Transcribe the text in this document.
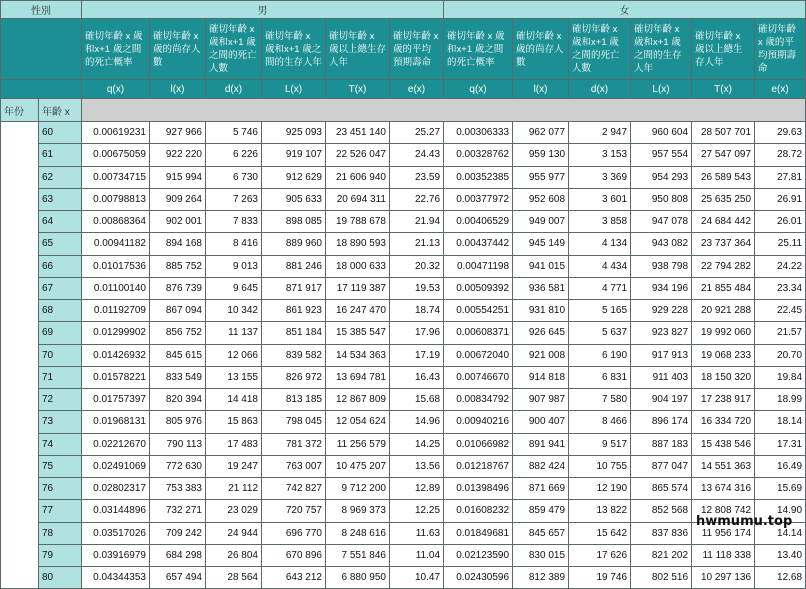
性別		男						女					
		確切年齡 x 歲和x+1 歲之間的死亡概率	確切年齡 x 歲的尚存人數	確切年齡 x 歲和x+1 歲之間的死亡人數	確切年齡 x 歲和x+1 歲之間的生存人年	確切年齡 x 歲以上總生存人年	確切年齡 x 歲的平均預期壽命	確切年齡 x 歲和x+1 歲之間的死亡概率	確切年齡 x 歲的尚存人數	確切年齡 x 歲和x+1 歲之間的死亡人數	確切年齡 x 歲和x+1 歲之間的生存人年	確切年齡 x 歲以上總生存人年	確切年齡 x 歲的平均預期壽命
		q(x)	l(x)	d(x)	L(x)	T(x)	e(x)	q(x)	l(x)	d(x)	L(x)	T(x)	e(x)
年份	年齡 x												
	60	0.00619231	927 966	5 746	925 093	23 451 140	25.27	0.00306333	962 077	2 947	960 604	28 507 701	29.63
	61	0.00675059	922 220	6 226	919 107	22 526 047	24.43	0.00328762	959 130	3 153	957 554	27 547 097	28.72
	62	0.00734715	915 994	6 730	912 629	21 606 940	23.59	0.00352385	955 977	3 369	954 293	26 589 543	27.81
	63	0.00798813	909 264	7 263	905 633	20 694 311	22.76	0.00377972	952 608	3 601	950 808	25 635 250	26.91
	64	0.00868364	902 001	7 833	898 085	19 788 678	21.94	0.00406529	949 007	3 858	947 078	24 684 442	26.01
	65	0.00941182	894 168	8 416	889 960	18 890 593	21.13	0.00437442	945 149	4 134	943 082	23 737 364	25.11
	66	0.01017536	885 752	9 013	881 246	18 000 633	20.32	0.00471198	941 015	4 434	938 798	22 794 282	24.22
	67	0.01100140	876 739	9 645	871 917	17 119 387	19.53	0.00509392	936 581	4 771	934 196	21 855 484	23.34
	68	0.01192709	867 094	10 342	861 923	16 247 470	18.74	0.00554251	931 810	5 165	929 228	20 921 288	22.45
	69	0.01299902	856 752	11 137	851 184	15 385 547	17.96	0.00608371	926 645	5 637	923 827	19 992 060	21.57
	70	0.01426932	845 615	12 066	839 582	14 534 363	17.19	0.00672040	921 008	6 190	917 913	19 068 233	20.70
	71	0.01578221	833 549	13 155	826 972	13 694 781	16.43	0.00746670	914 818	6 831	911 403	18 150 320	19.84
	72	0.01757397	820 394	14 418	813 185	12 867 809	15.68	0.00834792	907 987	7 580	904 197	17 238 917	18.99
	73	0.01968131	805 976	15 863	798 045	12 054 624	14.96	0.00940216	900 407	8 466	896 174	16 334 720	18.14
	74	0.02212670	790 113	17 483	781 372	11 256 579	14.25	0.01066982	891 941	9 517	887 183	15 438 546	17.31
	75	0.02491069	772 630	19 247	763 007	10 475 207	13.56	0.01218767	882 424	10 755	877 047	14 551 363	16.49
	76	0.02802317	753 383	21 112	742 827	9 712 200	12.89	0.01398496	871 669	12 190	865 574	13 674 316	15.69
	77	0.03144896	732 271	23 029	720 757	8 969 373	12.25	0.01608232	859 479	13 822	852 568	12 808 742	14.90
	78	0.03517026	709 242	24 944	696 770	8 248 616	11.63	0.01849681	845 657	15 642	837 836	11 956 174	14.14
	79	0.03916979	684 298	26 804	670 896	7 551 846	11.04	0.02123590	830 015	17 626	821 202	11 118 338	13.40
	80	0.04344353	657 494	28 564	643 212	6 880 950	10.47	0.02430596	812 389	19 746	802 516	10 297 136	12.68
hwmumu.top
